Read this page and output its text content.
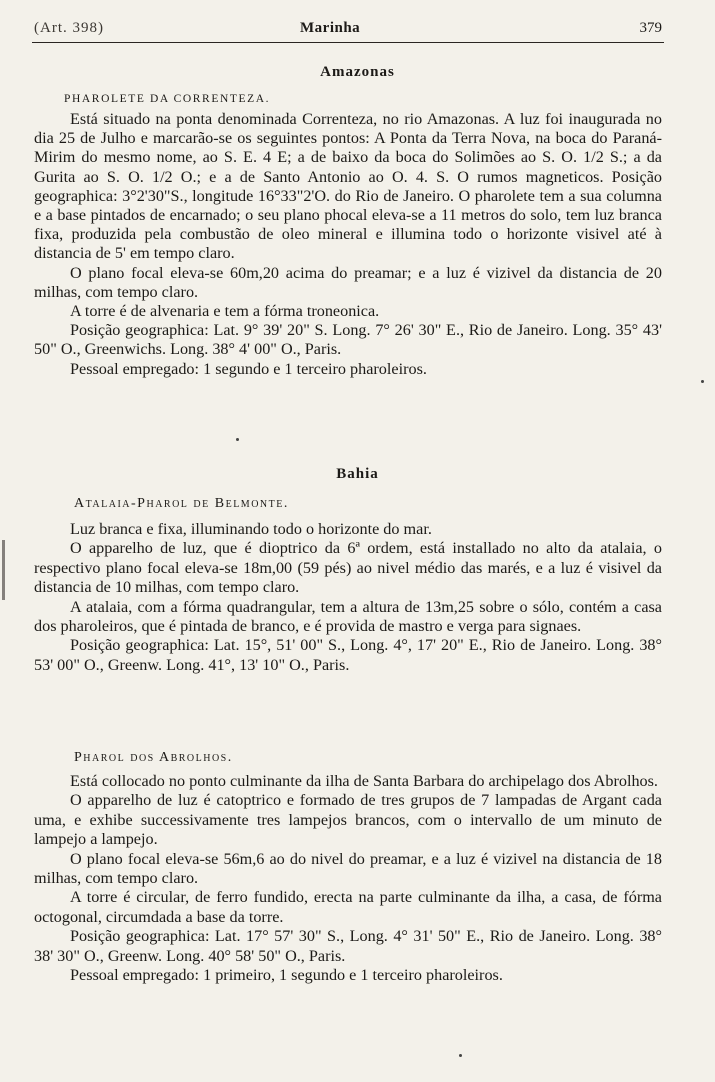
(Art. 398)	Marinha	379
Amazonas
PHAROLETE DA CORRENTEZA.

Está situado na ponta denominada Correnteza, no rio Amazonas. A luz foi inaugurada no dia 25 de Julho e marcarão-se os seguintes pontos: A Ponta da Terra Nova, na boca do Paraná-Mirim do mesmo nome, ao S. E. 4 E; a de baixo da boca do Solimões ao S. O. 1/2 S.; a da Gurita ao S. O. 1/2 O.; e a de Santo Antonio ao O. 4. S. O rumos magneticos. Posição geographica: 3°2'30"S., longitude 16°33"2'O. do Rio de Janeiro. O pharolete tem a sua columna e a base pintados de encarnado; o seu plano phocal eleva-se a 11 metros do solo, tem luz branca fixa, produzida pela combustão de oleo mineral e illumina todo o horizonte visivel até à distancia de 5' em tempo claro.

O plano focal eleva-se 60m,20 acima do preamar; e a luz é vizivel da distancia de 20 milhas, com tempo claro.

A torre é de alvenaria e tem a fórma troneonica.

Posição geographica: Lat. 9° 39' 20" S. Long. 7° 26' 30" E., Rio de Janeiro. Long. 35° 43' 50" O., Greenwichs. Long. 38° 4' 00" O., Paris.

Pessoal empregado: 1 segundo e 1 terceiro pharoleiros.

Bahia
Atalaia-Pharol de Belmonte.

Luz branca e fixa, illuminando todo o horizonte do mar.

O apparelho de luz, que é dioptrico da 6ª ordem, está installado no alto da atalaia, o respectivo plano focal eleva-se 18m,00 (59 pés) ao nivel médio das marés, e a luz é visivel da distancia de 10 milhas, com tempo claro.

A atalaia, com a fórma quadrangular, tem a altura de 13m,25 sobre o sólo, contém a casa dos pharoleiros, que é pintada de branco, e é provida de mastro e verga para signaes.

Posição geographica: Lat. 15°, 51' 00" S., Long. 4°, 17' 20" E., Rio de Janeiro. Long. 38° 53' 00" O., Greenw. Long. 41°, 13' 10" O., Paris.

Pharol dos Abrolhos.

Está collocado no ponto culminante da ilha de Santa Barbara do archipelago dos Abrolhos.

O apparelho de luz é catoptrico e formado de tres grupos de 7 lampadas de Argant cada uma, e exhibe successivamente tres lampejos brancos, com o intervallo de um minuto de lampejo a lampejo.

O plano focal eleva-se 56m,6 ao do nivel do preamar, e a luz é vizivel na distancia de 18 milhas, com tempo claro.

A torre é circular, de ferro fundido, erecta na parte culminante da ilha, a casa, de fórma octogonal, circumdada a base da torre.

Posição geographica: Lat. 17° 57' 30" S., Long. 4° 31' 50" E., Rio de Janeiro. Long. 38° 38' 30" O., Greenw. Long. 40° 58' 50" O., Paris.

Pessoal empregado: 1 primeiro, 1 segundo e 1 terceiro pharoleiros.
